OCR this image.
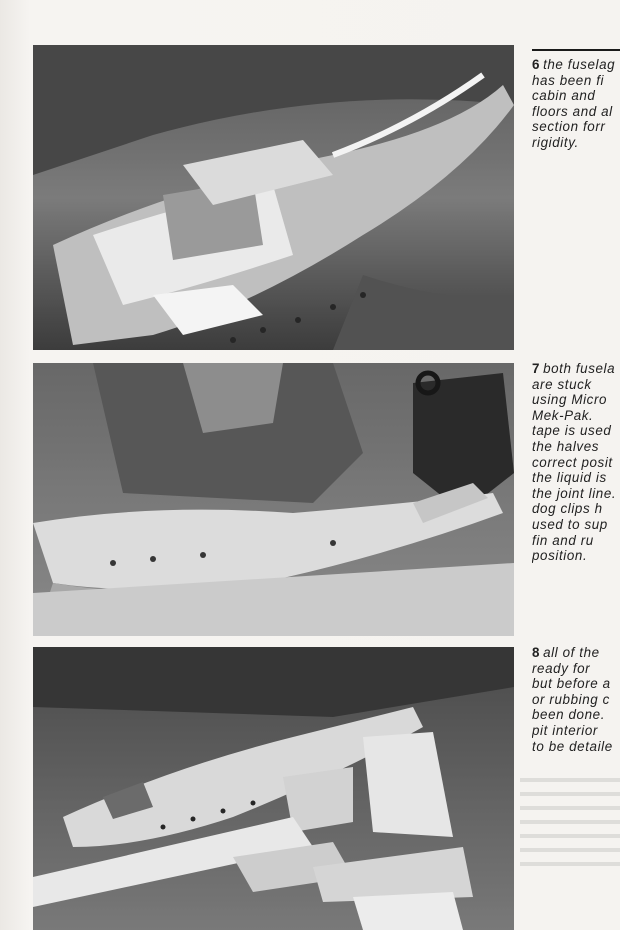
6 the fuselag
has been fi
cabin and
floors and al
section forr
rigidity.
7 both fusela
are stuck
using Micro
Mek-Pak.
tape is used
the halves
correct posit
the liquid is
the joint line.
dog clips h
used to sup
fin and ru
position.
8 all of the
ready for
but before a
or rubbing c
been done.
pit interior
to be detaile
